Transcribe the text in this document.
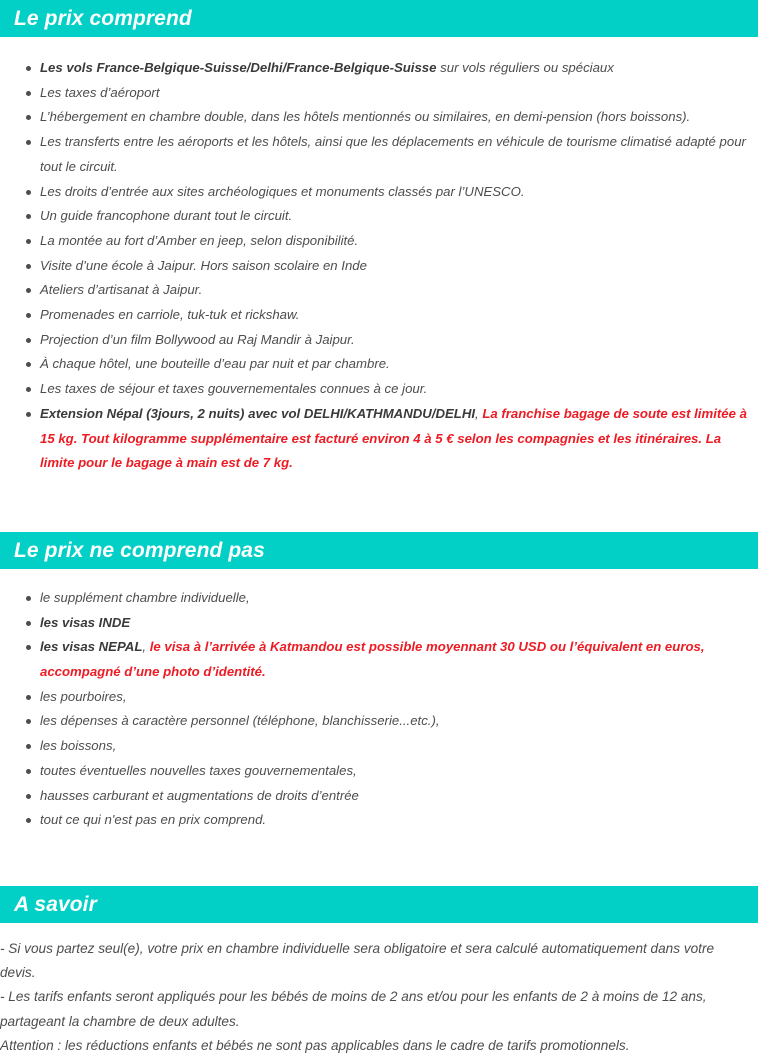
Le prix comprend
Les vols France-Belgique-Suisse/Delhi/France-Belgique-Suisse sur vols réguliers ou spéciaux
Les taxes d’aéroport
L’hébergement en chambre double, dans les hôtels mentionnés ou similaires, en demi-pension (hors boissons).
Les transferts entre les aéroports et les hôtels, ainsi que les déplacements en véhicule de tourisme climatisé adapté pour tout le circuit.
Les droits d’entrée aux sites archéologiques et monuments classés par l’UNESCO.
Un guide francophone durant tout le circuit.
La montée au fort d’Amber en jeep, selon disponibilité.
Visite d’une école à Jaipur. Hors saison scolaire en Inde
Ateliers d’artisanat à Jaipur.
Promenades en carriole, tuk-tuk et rickshaw.
Projection d’un film Bollywood au Raj Mandir à Jaipur.
À chaque hôtel, une bouteille d’eau par nuit et par chambre.
Les taxes de séjour et taxes gouvernementales connues à ce jour.
Extension Népal (3jours, 2 nuits) avec vol DELHI/KATHMANDU/DELHI, La franchise bagage de soute est limitée à 15 kg. Tout kilogramme supplémentaire est facturé environ 4 à 5 € selon les compagnies et les itinéraires. La limite pour le bagage à main est de 7 kg.
Le prix ne comprend pas
le supplément chambre individuelle,
les visas INDE
les visas NEPAL, le visa à l’arrivée à Katmandou est possible moyennant 30 USD ou l’équivalent en euros, accompagné d’une photo d’identité.
les pourboires,
les dépenses à caractère personnel (téléphone, blanchisserie...etc.),
les boissons,
toutes éventuelles nouvelles taxes gouvernementales,
hausses carburant et augmentations de droits d’entrée
tout ce qui n'est pas en prix comprend.
A savoir
- Si vous partez seul(e), votre prix en chambre individuelle sera obligatoire et sera calculé automatiquement dans votre devis.
- Les tarifs enfants seront appliqués pour les bébés de moins de 2 ans et/ou pour les enfants de 2 à moins de 12 ans, partageant la chambre de deux adultes.
Attention : les réductions enfants et bébés ne sont pas applicables dans le cadre de tarifs promotionnels.
